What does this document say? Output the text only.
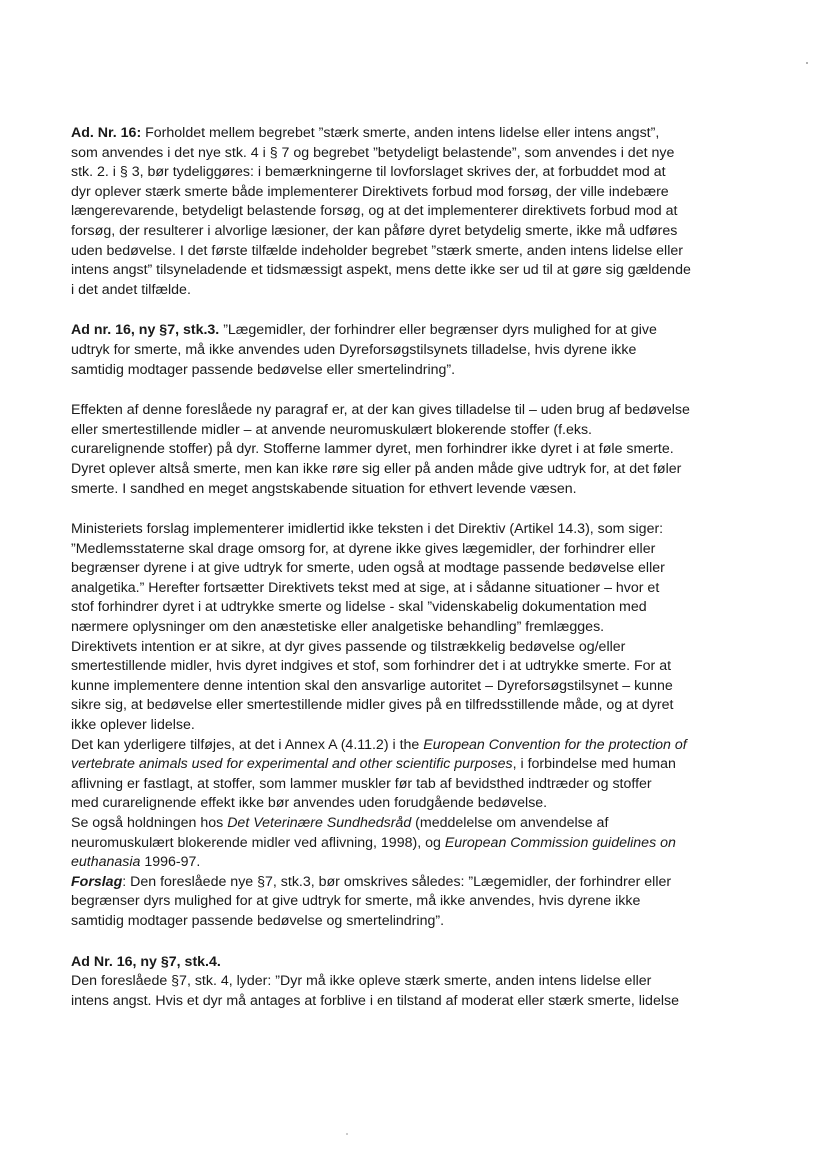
Ad. Nr. 16: Forholdet mellem begrebet ”stærk smerte, anden intens lidelse eller intens angst”,
som anvendes i det nye stk. 4 i § 7 og begrebet ”betydeligt belastende”, som anvendes i det nye
stk. 2. i § 3, bør tydeliggøres: i bemærkningerne til lovforslaget skrives der, at forbuddet mod at
dyr oplever stærk smerte både implementerer Direktivets forbud mod forsøg, der ville indebære
længerevarende, betydeligt belastende forsøg, og at det implementerer direktivets forbud mod at
forsøg, der resulterer i alvorlige læsioner, der kan påføre dyret betydelig smerte, ikke må udføres
uden bedøvelse. I det første tilfælde indeholder begrebet ”stærk smerte, anden intens lidelse eller
intens angst” tilsyneladende et tidsmæssigt aspekt, mens dette ikke ser ud til at gøre sig gældende
i det andet tilfælde.
Ad nr. 16, ny §7, stk.3. ”Lægemidler, der forhindrer eller begrænser dyrs mulighed for at give
udtryk for smerte, må ikke anvendes uden Dyreforsøgstilsynets tilladelse, hvis dyrene ikke
samtidig modtager passende bedøvelse eller smertelindring”.
Effekten af denne foreslåede ny paragraf er, at der kan gives tilladelse til – uden brug af bedøvelse
eller smertestillende midler – at anvende neuromuskulært blokerende stoffer (f.eks.
curarelignende stoffer) på dyr. Stofferne lammer dyret, men forhindrer ikke dyret i at føle smerte.
Dyret oplever altså smerte, men kan ikke røre sig eller på anden måde give udtryk for, at det føler
smerte. I sandhed en meget angstskabende situation for ethvert levende væsen.
Ministeriets forslag implementerer imidlertid ikke teksten i det Direktiv (Artikel 14.3), som siger:
”Medlemsstaterne skal drage omsorg for, at dyrene ikke gives lægemidler, der forhindrer eller
begrænser dyrene i at give udtryk for smerte, uden også at modtage passende bedøvelse eller
analgetika.” Herefter fortsætter Direktivets tekst med at sige, at i sådanne situationer – hvor et
stof forhindrer dyret i at udtrykke smerte og lidelse - skal ”videnskabelig dokumentation med
nærmere oplysninger om den anæstetiske eller analgetiske behandling” fremlægges.
Direktivets intention er at sikre, at dyr gives passende og tilstrækkelig bedøvelse og/eller
smertestillende midler, hvis dyret indgives et stof, som forhindrer det i at udtrykke smerte. For at
kunne implementere denne intention skal den ansvarlige autoritet – Dyreforsøgstilsynet – kunne
sikre sig, at bedøvelse eller smertestillende midler gives på en tilfredsstillende måde, og at dyret
ikke oplever lidelse.
Det kan yderligere tilføjes, at det i Annex A (4.11.2) i the European Convention for the protection of
vertebrate animals used for experimental and other scientific purposes, i forbindelse med human
aflivning er fastlagt, at stoffer, som lammer muskler før tab af bevidsthed indtræder og stoffer
med curarelignende effekt ikke bør anvendes uden forudgående bedøvelse.
Se også holdningen hos Det Veterinære Sundhedsråd (meddelelse om anvendelse af
neuromuskulært blokerende midler ved aflivning, 1998), og European Commission guidelines on
euthanasia 1996-97.
Forslag: Den foreslåede nye §7, stk.3, bør omskrives således: ”Lægemidler, der forhindrer eller
begrænser dyrs mulighed for at give udtryk for smerte, må ikke anvendes, hvis dyrene ikke
samtidig modtager passende bedøvelse og smertelindring”.
Ad Nr. 16, ny §7, stk.4.
Den foreslåede §7, stk. 4, lyder: ”Dyr må ikke opleve stærk smerte, anden intens lidelse eller
intens angst. Hvis et dyr må antages at forblive i en tilstand af moderat eller stærk smerte, lidelse
